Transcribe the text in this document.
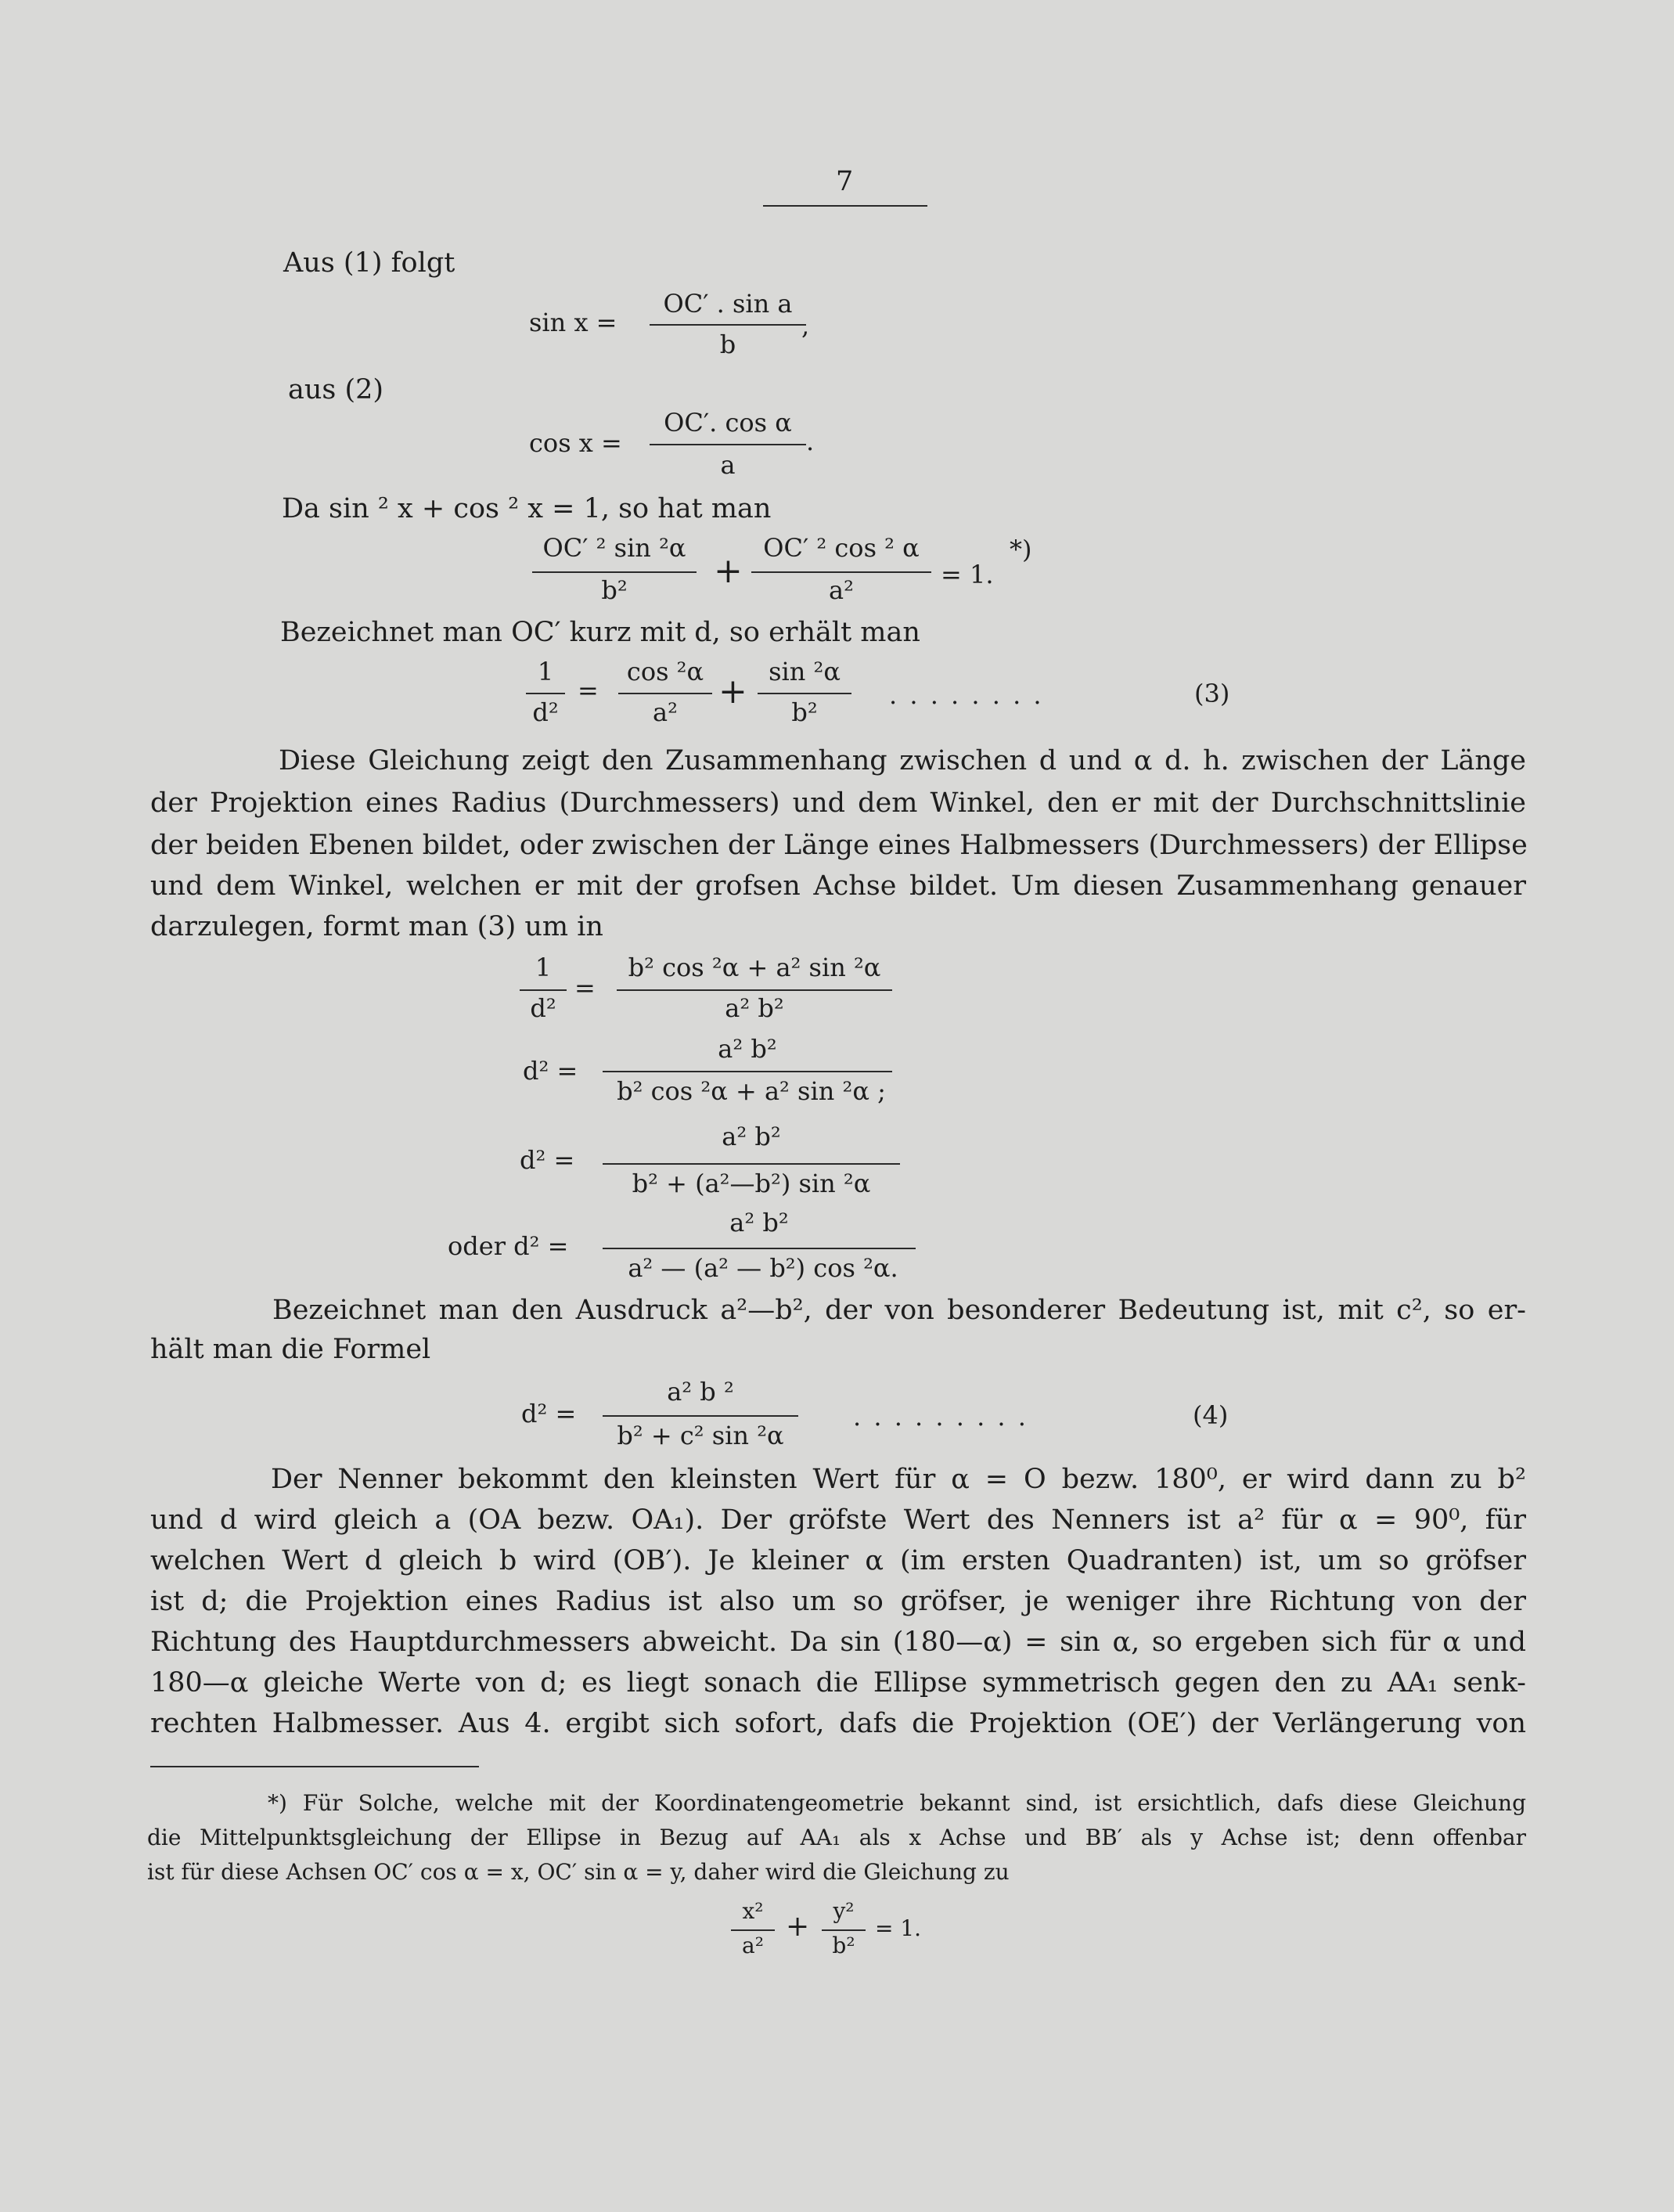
7
Aus (1) folgt
sin x =
OC′ . sin a
b
,
aus (2)
cos x =
OC′. cos α
a
.
Da sin ² x + cos ² x = 1, so hat man
OC′ ² sin ²α
b²	+
OC′ ² cos ² α
a²
= 1.
*)
Bezeichnet man OC′ kurz mit d, so erhält man
1
d²
=
cos ²α
a²
+ sin ²α
b²
. . . . . . . .	(3)
Diese Gleichung zeigt den Zusammenhang zwischen d und α d. h. zwischen der Länge
der Projektion eines Radius (Durchmessers) und dem Winkel, den er mit der Durchschnittslinie
der beiden Ebenen bildet, oder zwischen der Länge eines Halbmessers (Durchmessers) der Ellipse
und dem Winkel, welchen er mit der grofsen Achse bildet. Um diesen Zusammenhang genauer
darzulegen, formt man (3) um in
1
d²
=
b² cos ²α + a² sin ²α
a² b²
d² =
a² b²
b² cos ²α + a² sin ²α ;
d² =
a² b²
b² + (a²—b²) sin ²α
oder d² =
a² b²
a² — (a² — b²) cos ²α.
Bezeichnet man den Ausdruck a²—b², der von besonderer Bedeutung ist, mit c², so er-
hält man die Formel
d² =
a² b ²
b² + c² sin ²α
. . . . . . . . .	(4)
Der Nenner bekommt den kleinsten Wert für α = O bezw. 180⁰, er wird dann zu b²
und d wird gleich a (OA bezw. OA₁). Der gröfste Wert des Nenners ist a² für α = 90⁰, für
welchen Wert d gleich b wird (OB′). Je kleiner α (im ersten Quadranten) ist, um so gröfser
ist d; die Projektion eines Radius ist also um so gröfser, je weniger ihre Richtung von der
Richtung des Hauptdurchmessers abweicht. Da sin (180—α) = sin α, so ergeben sich für α und
180—α gleiche Werte von d; es liegt sonach die Ellipse symmetrisch gegen den zu AA₁ senk-
rechten Halbmesser. Aus 4. ergibt sich sofort, dafs die Projektion (OE′) der Verlängerung von
*) Für Solche, welche mit der Koordinatengeometrie bekannt sind, ist ersichtlich, dafs diese Gleichung
die Mittelpunktsgleichung der Ellipse in Bezug auf AA₁ als x Achse und BB′ als y Achse ist; denn offenbar
ist für diese Achsen OC′ cos α = x, OC′ sin α = y, daher wird die Gleichung zu
x²
a²
+	y²
b²
= 1.
